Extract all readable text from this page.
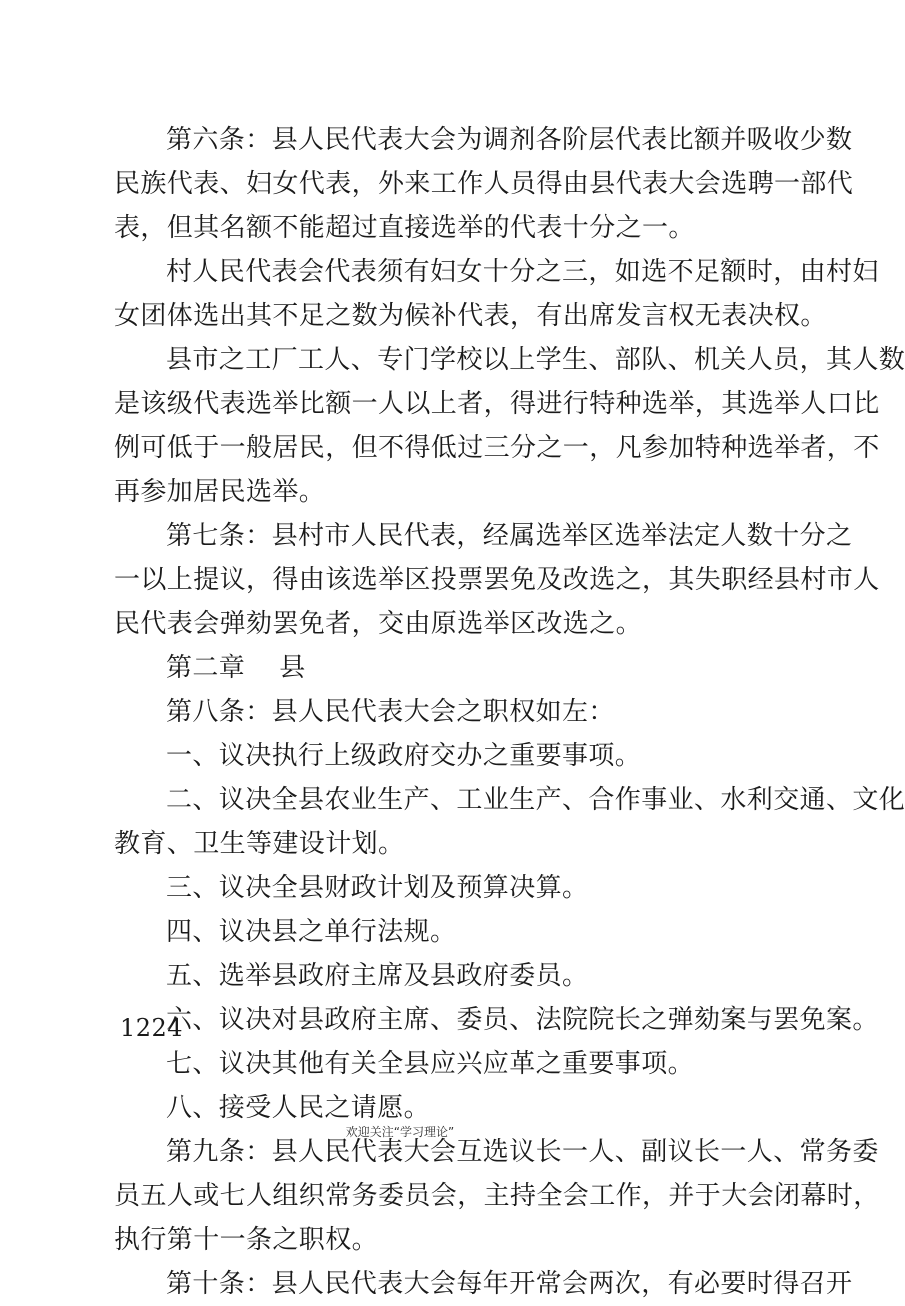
第六条：县人民代表大会为调剂各阶层代表比额并吸收少数
民族代表、妇女代表，外来工作人员得由县代表大会选聘一部代
表，但其名额不能超过直接选举的代表十分之一。
村人民代表会代表须有妇女十分之三，如选不足额时，由村妇
女团体选出其不足之数为候补代表，有出席发言权无表决权。
县市之工厂工人、专门学校以上学生、部队、机关人员，其人数
是该级代表选举比额一人以上者，得进行特种选举，其选举人口比
例可低于一般居民，但不得低过三分之一，凡参加特种选举者，不
再参加居民选举。
第七条：县村市人民代表，经属选举区选举法定人数十分之
一以上提议，得由该选举区投票罢免及改选之，其失职经县村市人
民代表会弹劾罢免者，交由原选举区改选之。
第二章 县
第八条：县人民代表大会之职权如左：
一、议决执行上级政府交办之重要事项。
二、议决全县农业生产、工业生产、合作事业、水利交通、文化
教育、卫生等建设计划。
三、议决全县财政计划及预算决算。
四、议决县之单行法规。
五、选举县政府主席及县政府委员。
六、议决对县政府主席、委员、法院院长之弹劾案与罢免案。
七、议决其他有关全县应兴应革之重要事项。
八、接受人民之请愿。
第九条：县人民代表大会互选议长一人、副议长一人、常务委
员五人或七人组织常务委员会，主持全会工作，并于大会闭幕时，
执行第十一条之职权。
第十条：县人民代表大会每年开常会两次，有必要时得召开
1224
欢迎关注“学习理论”
